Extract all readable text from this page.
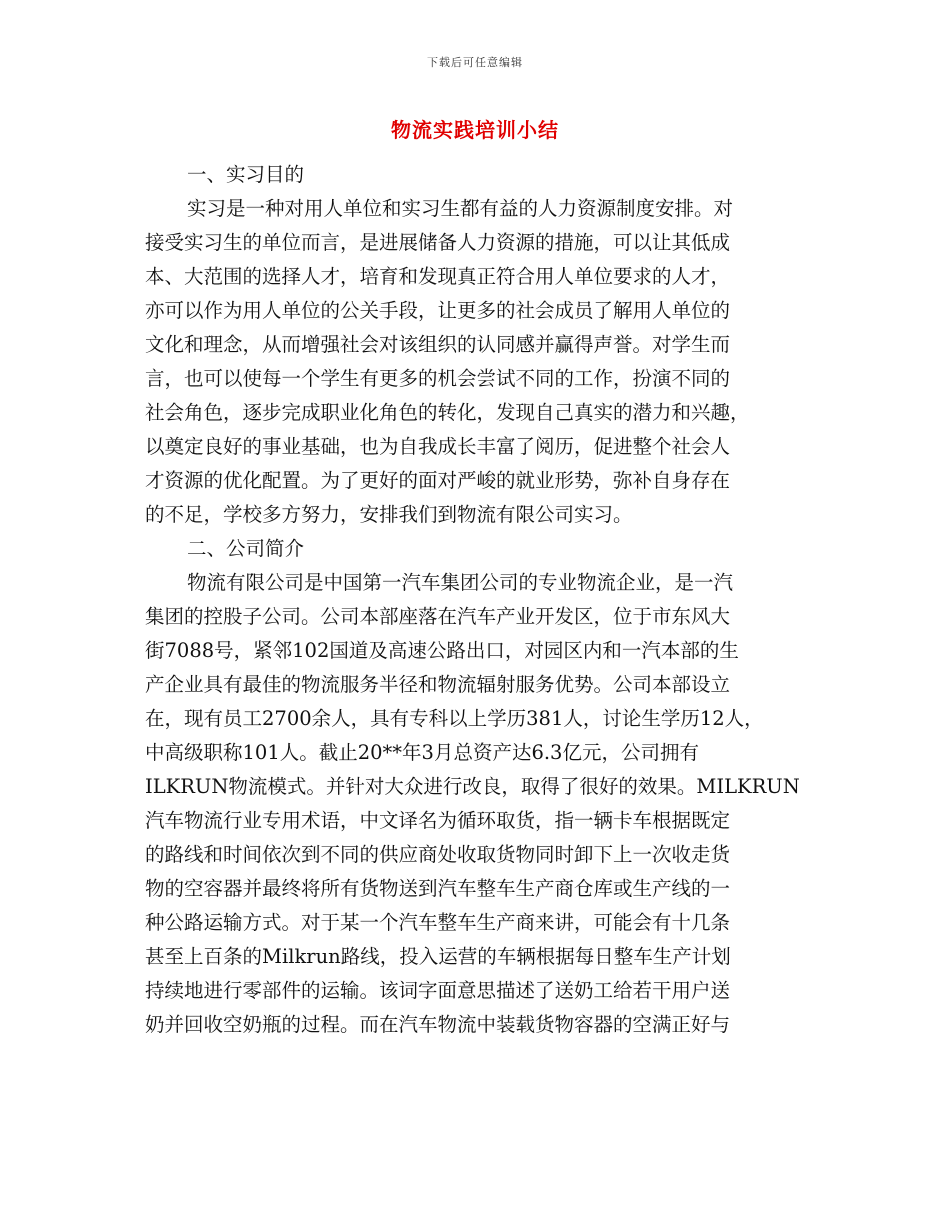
下载后可任意编辑
物流实践培训小结
一、实习目的
实习是一种对用人单位和实习生都有益的人力资源制度安排。对
接受实习生的单位而言，是进展储备人力资源的措施，可以让其低成
本、大范围的选择人才，培育和发现真正符合用人单位要求的人才，
亦可以作为用人单位的公关手段，让更多的社会成员了解用人单位的
文化和理念，从而增强社会对该组织的认同感并赢得声誉。对学生而
言，也可以使每一个学生有更多的机会尝试不同的工作，扮演不同的
社会角色，逐步完成职业化角色的转化，发现自己真实的潜力和兴趣，
以奠定良好的事业基础，也为自我成长丰富了阅历，促进整个社会人
才资源的优化配置。为了更好的面对严峻的就业形势，弥补自身存在
的不足，学校多方努力，安排我们到物流有限公司实习。
二、公司简介
物流有限公司是中国第一汽车集团公司的专业物流企业，是一汽
集团的控股子公司。公司本部座落在汽车产业开发区，位于市东风大
街7088号，紧邻102国道及高速公路出口，对园区内和一汽本部的生
产企业具有最佳的物流服务半径和物流辐射服务优势。公司本部设立
在，现有员工2700余人，具有专科以上学历381人，讨论生学历12人，
中高级职称101人。截止20**年3月总资产达6.3亿元，公司拥有
ILKRUN物流模式。并针对大众进行改良，取得了很好的效果。MILKRUN
汽车物流行业专用术语，中文译名为循环取货，指一辆卡车根据既定
的路线和时间依次到不同的供应商处收取货物同时卸下上一次收走货
物的空容器并最终将所有货物送到汽车整车生产商仓库或生产线的一
种公路运输方式。对于某一个汽车整车生产商来讲，可能会有十几条
甚至上百条的Milkrun路线，投入运营的车辆根据每日整车生产计划
持续地进行零部件的运输。该词字面意思描述了送奶工给若干用户送
奶并回收空奶瓶的过程。而在汽车物流中装载货物容器的空满正好与
